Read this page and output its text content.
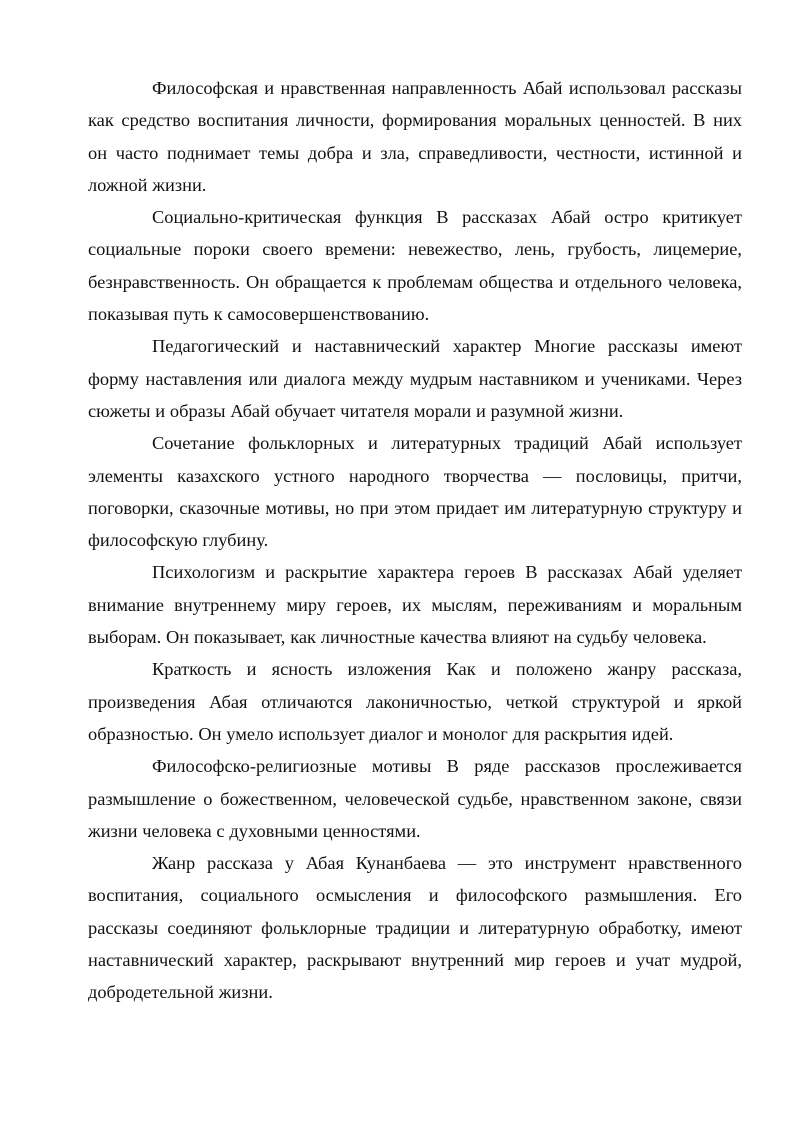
Философская и нравственная направленность Абай использовал рассказы как средство воспитания личности, формирования моральных ценностей. В них он часто поднимает темы добра и зла, справедливости, честности, истинной и ложной жизни.

Социально-критическая функция В рассказах Абай остро критикует социальные пороки своего времени: невежество, лень, грубость, лицемерие, безнравственность. Он обращается к проблемам общества и отдельного человека, показывая путь к самосовершенствованию.

Педагогический и наставнический характер Многие рассказы имеют форму наставления или диалога между мудрым наставником и учениками. Через сюжеты и образы Абай обучает читателя морали и разумной жизни.

Сочетание фольклорных и литературных традиций Абай использует элементы казахского устного народного творчества — пословицы, притчи, поговорки, сказочные мотивы, но при этом придает им литературную структуру и философскую глубину.

Психологизм и раскрытие характера героев В рассказах Абай уделяет внимание внутреннему миру героев, их мыслям, переживаниям и моральным выборам. Он показывает, как личностные качества влияют на судьбу человека.

Краткость и ясность изложения Как и положено жанру рассказа, произведения Абая отличаются лаконичностью, четкой структурой и яркой образностью. Он умело использует диалог и монолог для раскрытия идей.

Философско-религиозные мотивы В ряде рассказов прослеживается размышление о божественном, человеческой судьбе, нравственном законе, связи жизни человека с духовными ценностями.

Жанр рассказа у Абая Кунанбаева — это инструмент нравственного воспитания, социального осмысления и философского размышления. Его рассказы соединяют фольклорные традиции и литературную обработку, имеют наставнический характер, раскрывают внутренний мир героев и учат мудрой, добродетельной жизни.
